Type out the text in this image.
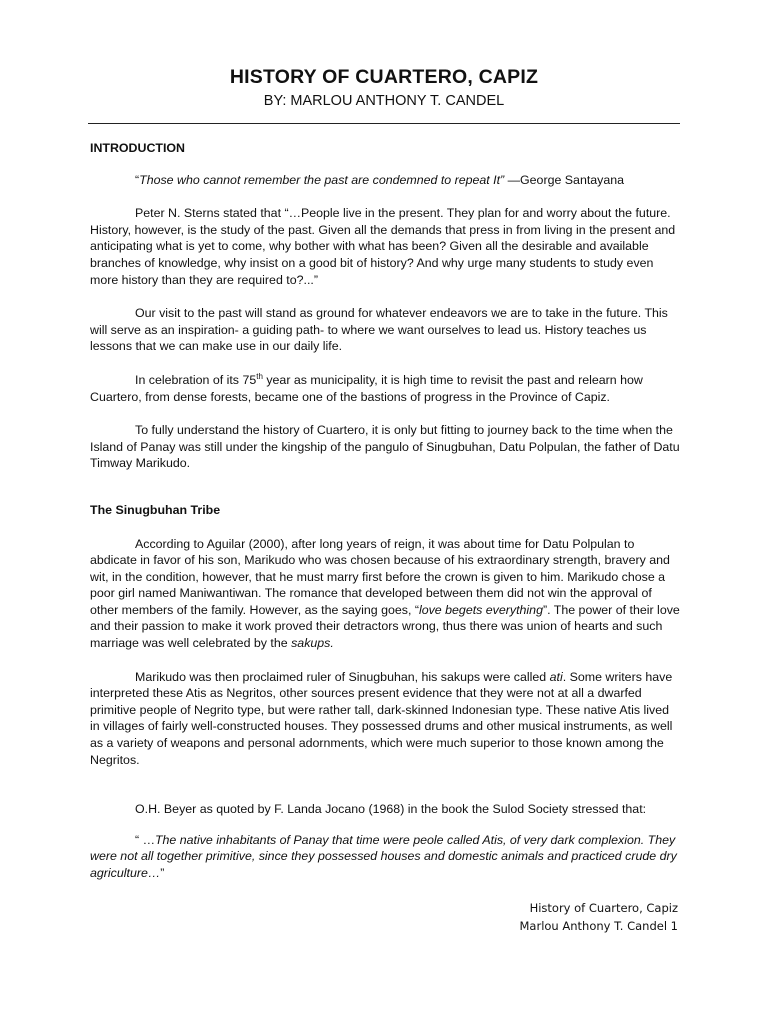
HISTORY OF CUARTERO, CAPIZ
BY: MARLOU ANTHONY T. CANDEL

INTRODUCTION

“Those who cannot remember the past are condemned to repeat It” —George Santayana

Peter N. Sterns stated that “…People live in the present. They plan for and worry about the future. History, however, is the study of the past. Given all the demands that press in from living in the present and anticipating what is yet to come, why bother with what has been? Given all the desirable and available branches of knowledge, why insist on a good bit of history? And why urge many students to study even more history than they are required to?...”

Our visit to the past will stand as ground for whatever endeavors we are to take in the future. This will serve as an inspiration- a guiding path- to where we want ourselves to lead us. History teaches us lessons that we can make use in our daily life.

In celebration of its 75th year as municipality, it is high time to revisit the past and relearn how Cuartero, from dense forests, became one of the bastions of progress in the Province of Capiz.

To fully understand the history of Cuartero, it is only but fitting to journey back to the time when the Island of Panay was still under the kingship of the pangulo of Sinugbuhan, Datu Polpulan, the father of Datu Timway Marikudo.

The Sinugbuhan Tribe

According to Aguilar (2000), after long years of reign, it was about time for Datu Polpulan to abdicate in favor of his son, Marikudo who was chosen because of his extraordinary strength, bravery and wit, in the condition, however, that he must marry first before the crown is given to him. Marikudo chose a poor girl named Maniwantiwan. The romance that developed between them did not win the approval of other members of the family. However, as the saying goes, “love begets everything”. The power of their love and their passion to make it work proved their detractors wrong, thus there was union of hearts and such marriage was well celebrated by the sakups.

Marikudo was then proclaimed ruler of Sinugbuhan, his sakups were called ati. Some writers have interpreted these Atis as Negritos, other sources present evidence that they were not at all a dwarfed primitive people of Negrito type, but were rather tall, dark-skinned Indonesian type. These native Atis lived in villages of fairly well-constructed houses. They possessed drums and other musical instruments, as well as a variety of weapons and personal adornments, which were much superior to those known among the Negritos.

O.H. Beyer as quoted by F. Landa Jocano (1968) in the book the Sulod Society stressed that:

“ …The native inhabitants of Panay that time were peole called Atis, of very dark complexion. They were not all together primitive, since they possessed houses and domestic animals and practiced crude dry agriculture…”

History of Cuartero, Capiz
Marlou Anthony T. Candel 1
